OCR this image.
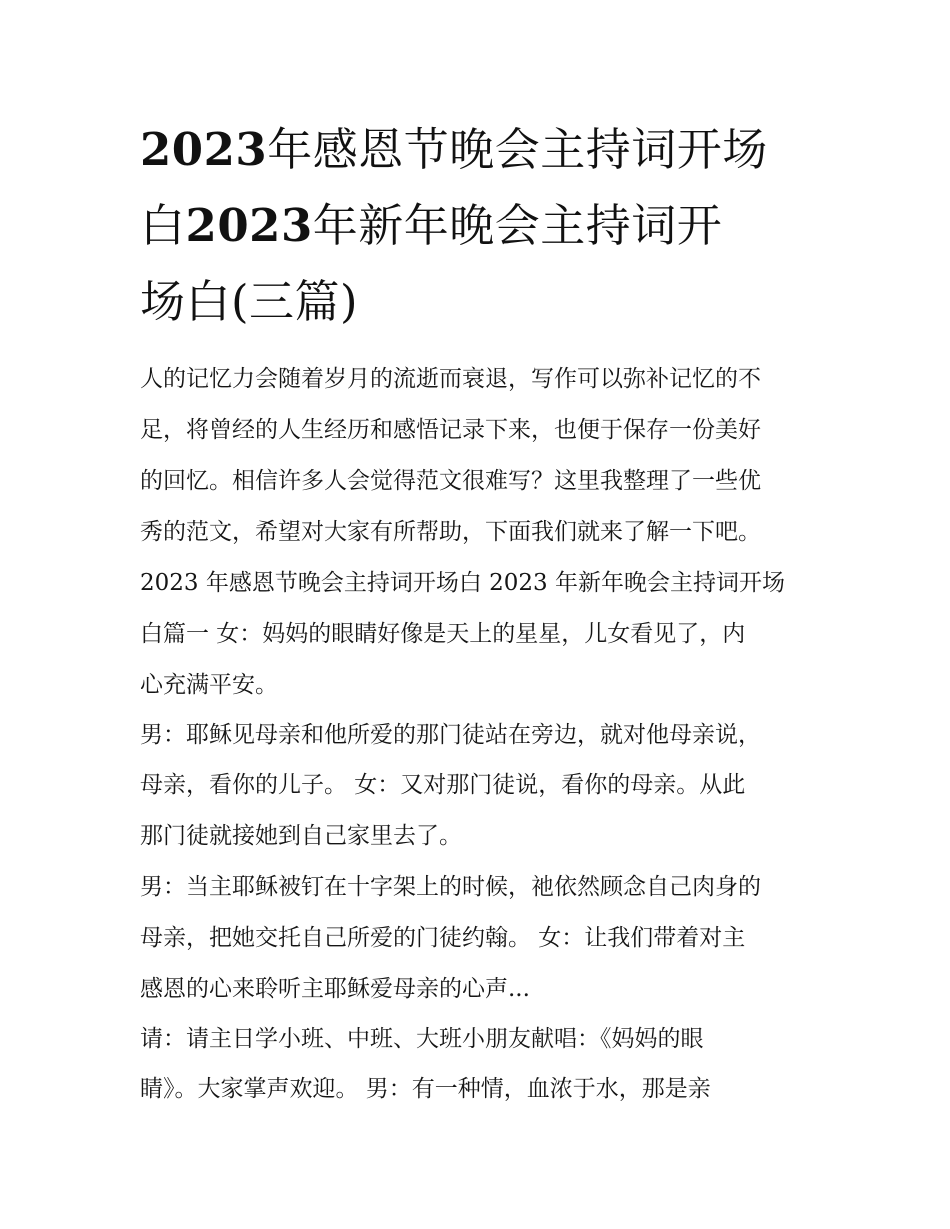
2023年感恩节晚会主持词开场
白2023年新年晚会主持词开
场白(三篇)
人的记忆力会随着岁月的流逝而衰退，写作可以弥补记忆的不
足，将曾经的人生经历和感悟记录下来，也便于保存一份美好
的回忆。相信许多人会觉得范文很难写？这里我整理了一些优
秀的范文，希望对大家有所帮助，下面我们就来了解一下吧。
2023 年感恩节晚会主持词开场白 2023 年新年晚会主持词开场
白篇一 女：妈妈的眼睛好像是天上的星星，儿女看见了，内
心充满平安。
男：耶稣见母亲和他所爱的那门徒站在旁边，就对他母亲说，
母亲，看你的儿子。 女：又对那门徒说，看你的母亲。从此
那门徒就接她到自己家里去了。
男：当主耶稣被钉在十字架上的时候，祂依然顾念自己肉身的
母亲，把她交托自己所爱的门徒约翰。 女：让我们带着对主
感恩的心来聆听主耶稣爱母亲的心声...
请：请主日学小班、中班、大班小朋友献唱：《妈妈的眼
睛》。大家掌声欢迎。 男：有一种情，血浓于水，那是亲
